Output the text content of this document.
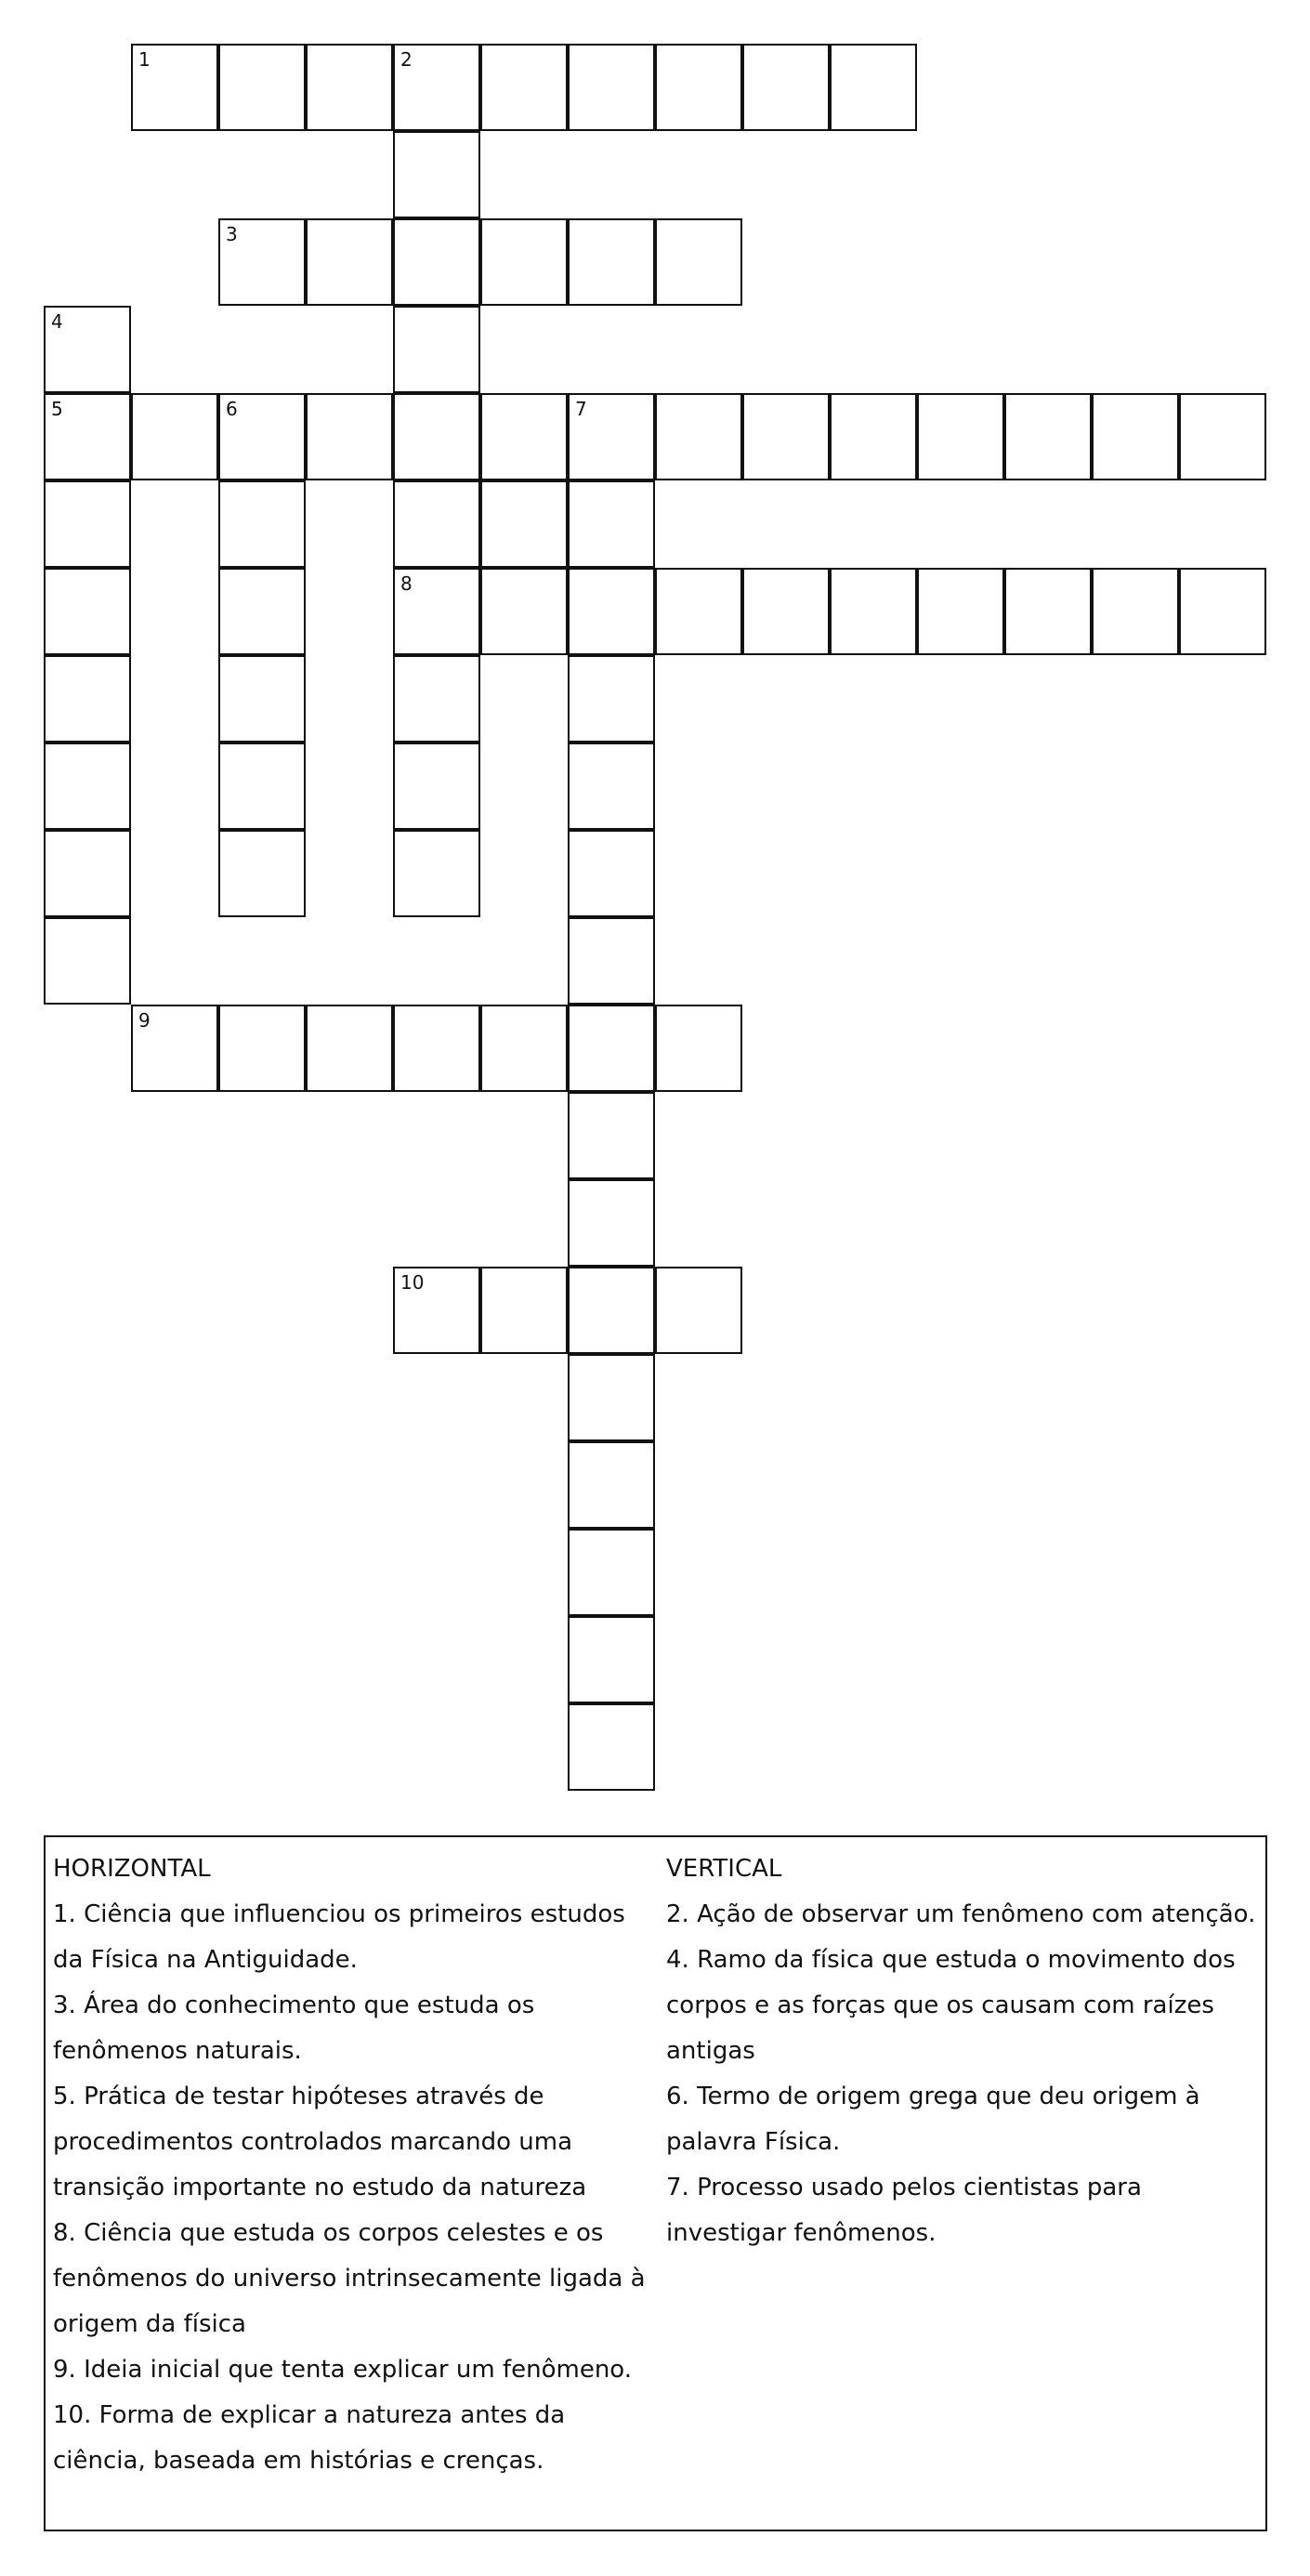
1	2
8
3
4
5	6	7
9
10

HORIZONTAL

1. Ciência que influenciou os primeiros estudos da Física na Antiguidade.

3. Área do conhecimento que estuda os fenômenos naturais.

5. Prática de testar hipóteses através de procedimentos controlados marcando uma transição importante no estudo da natureza

8. Ciência que estuda os corpos celestes e os fenômenos do universo intrinsecamente ligada à origem da física

9. Ideia inicial que tenta explicar um fenômeno.

10. Forma de explicar a natureza antes da ciência, baseada em histórias e crenças.

VERTICAL

2. Ação de observar um fenômeno com atenção.

4. Ramo da física que estuda o movimento dos corpos e as forças que os causam com raízes antigas

6. Termo de origem grega que deu origem à palavra Física.

7. Processo usado pelos cientistas para investigar fenômenos.
